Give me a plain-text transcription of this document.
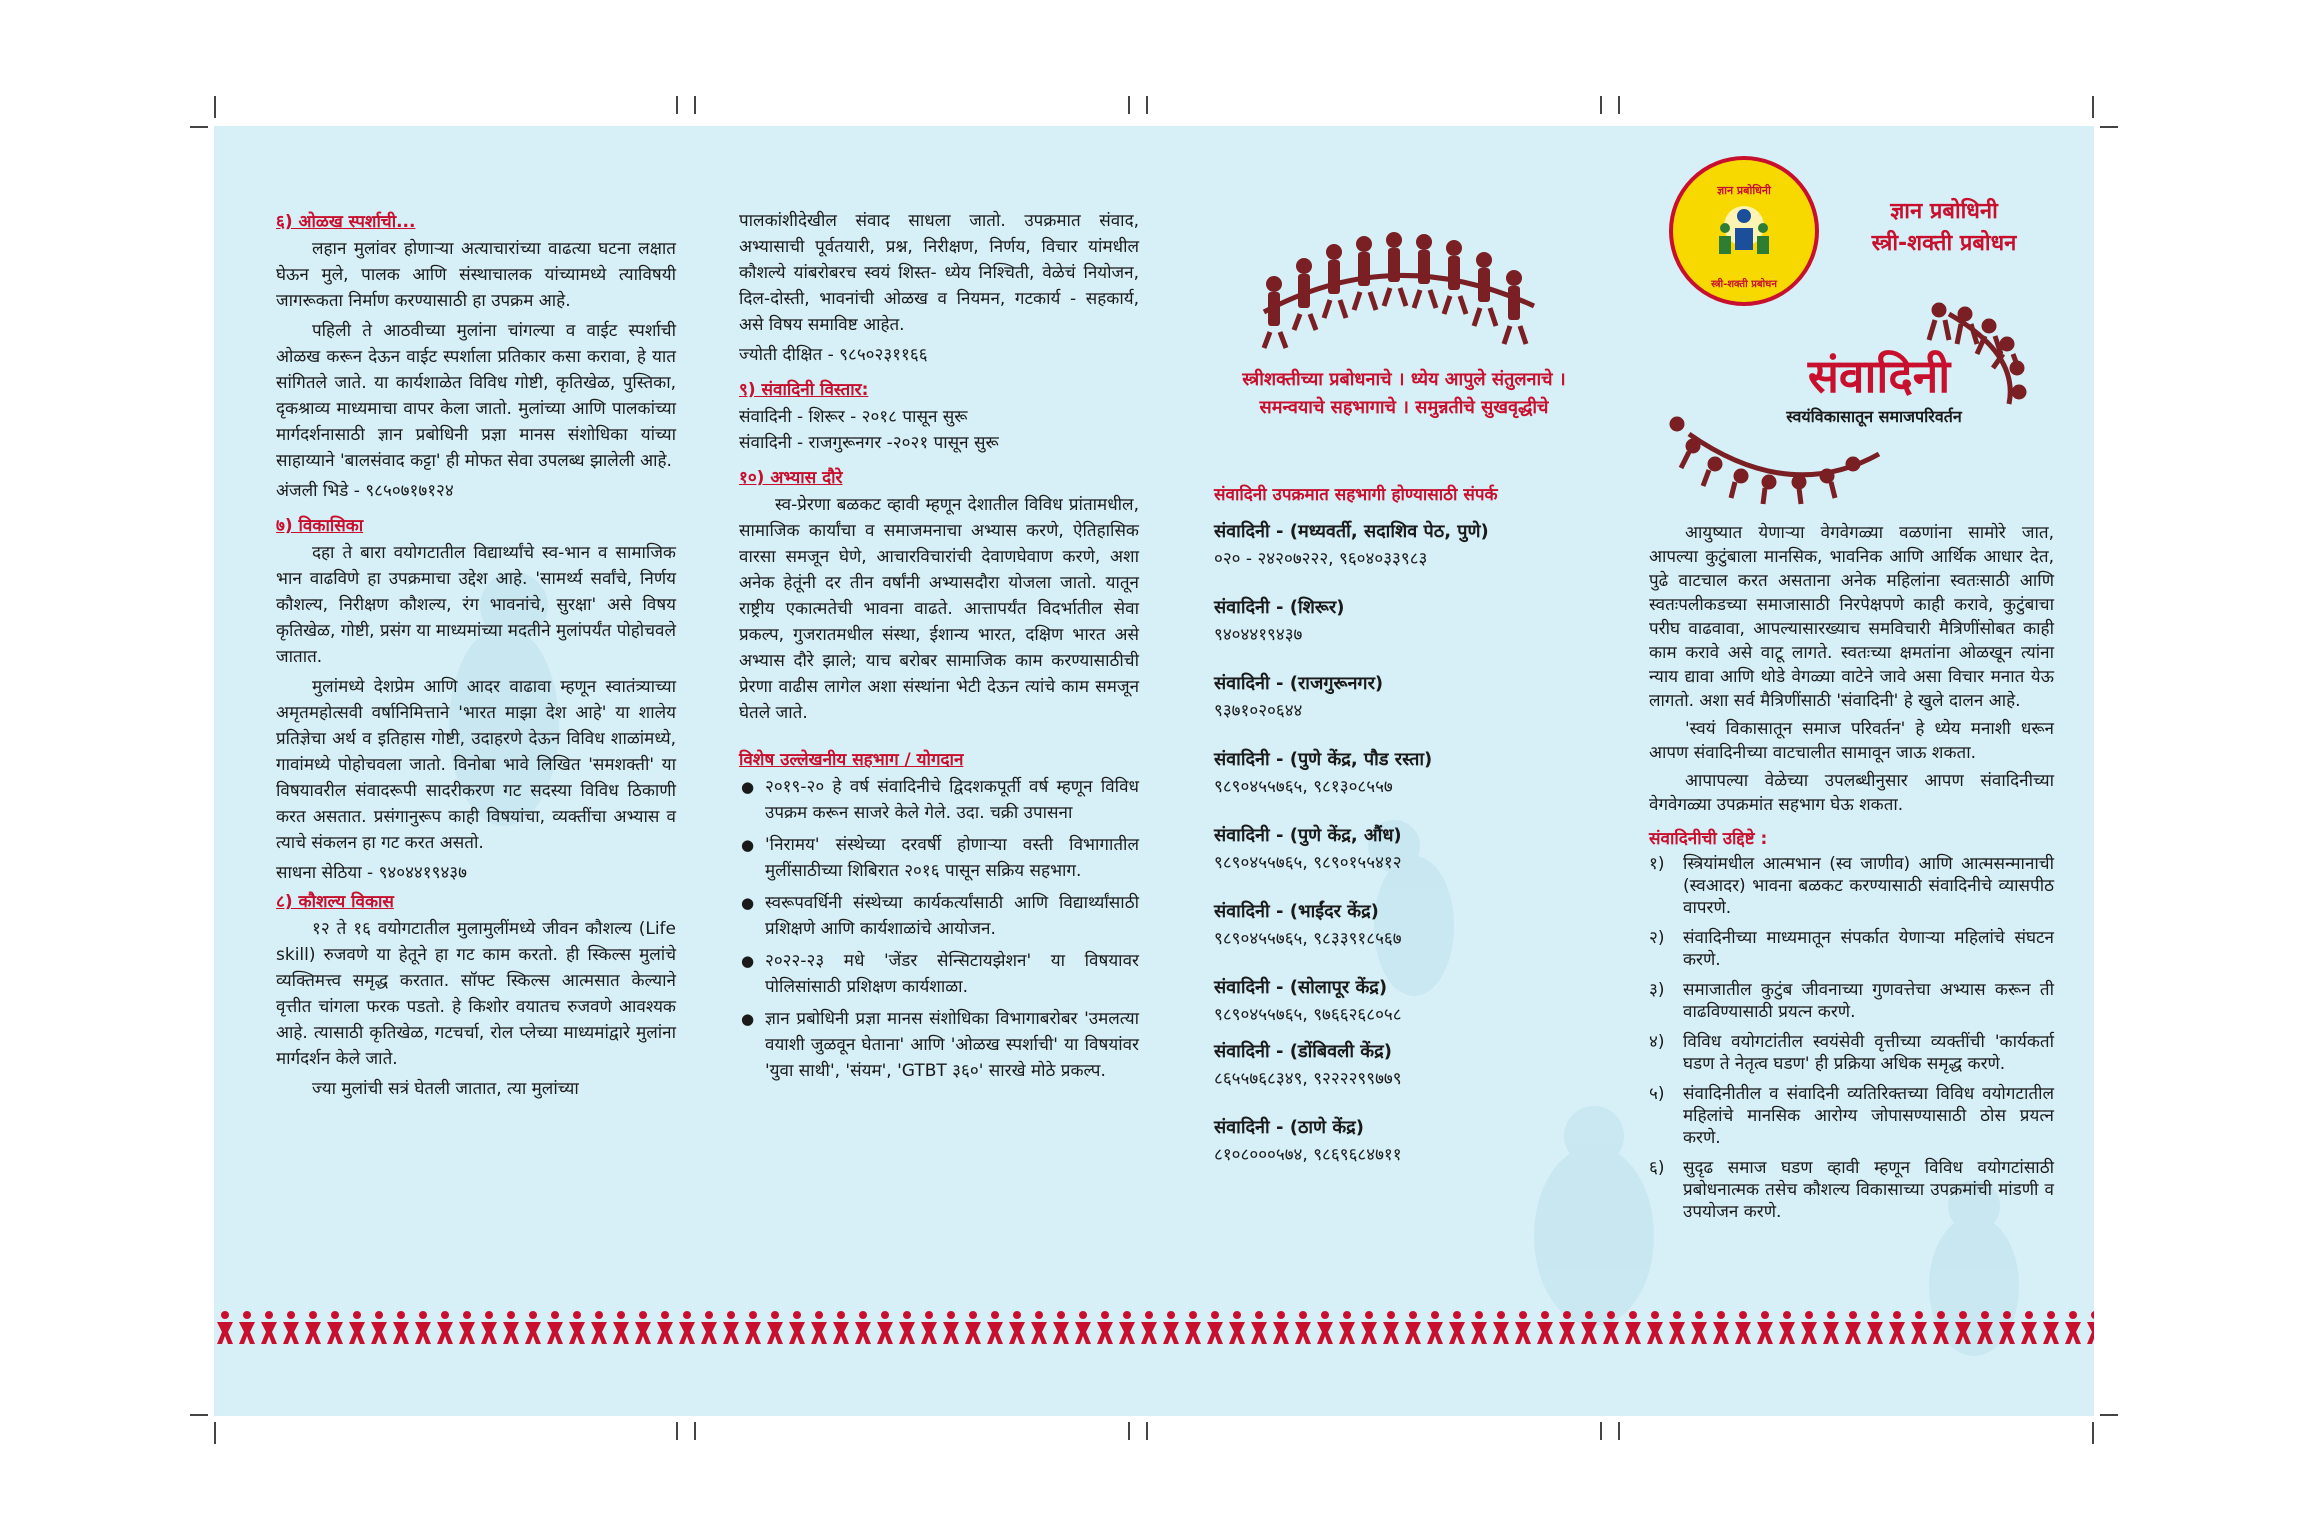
६) ओळख स्पर्शाची...

लहान मुलांवर होणाऱ्या अत्याचारांच्या वाढत्या घटना लक्षात घेऊन मुले, पालक आणि संस्थाचालक यांच्यामध्ये त्याविषयी जागरूकता निर्माण करण्यासाठी हा उपक्रम आहे.

पहिली ते आठवीच्या मुलांना चांगल्या व वाईट स्पर्शाची ओळख करून देऊन वाईट स्पर्शाला प्रतिकार कसा करावा, हे यात सांगितले जाते. या कार्यशाळेत विविध गोष्टी, कृतिखेळ, पुस्तिका, दृकश्राव्य माध्यमाचा वापर केला जातो. मुलांच्या आणि पालकांच्या मार्गदर्शनासाठी ज्ञान प्रबोधिनी प्रज्ञा मानस संशोधिका यांच्या साहाय्याने 'बालसंवाद कट्टा' ही मोफत सेवा उपलब्ध झालेली आहे.

अंजली भिडे - ९८५०७१७१२४

७) विकासिका

दहा ते बारा वयोगटातील विद्यार्थ्यांचे स्व-भान व सामाजिक भान वाढविणे हा उपक्रमाचा उद्देश आहे. 'सामर्थ्य सर्वांचे, निर्णय कौशल्य, निरीक्षण कौशल्य, रंग भावनांचे, सुरक्षा' असे विषय कृतिखेळ, गोष्टी, प्रसंग या माध्यमांच्या मदतीने मुलांपर्यंत पोहोचवले जातात.

मुलांमध्ये देशप्रेम आणि आदर वाढावा म्हणून स्वातंत्र्याच्या अमृतमहोत्सवी वर्षानिमित्ताने 'भारत माझा देश आहे' या शालेय प्रतिज्ञेचा अर्थ व इतिहास गोष्टी, उदाहरणे देऊन विविध शाळांमध्ये, गावांमध्ये पोहोचवला जातो. विनोबा भावे लिखित 'समशक्ती' या विषयावरील संवादरूपी सादरीकरण गट सदस्या विविध ठिकाणी करत असतात. प्रसंगानुरूप काही विषयांचा, व्यक्तींचा अभ्यास व त्याचे संकलन हा गट करत असतो.

साधना सेठिया - ९४०४४१९४३७

८) कौशल्य विकास

१२ ते १६ वयोगटातील मुलामुलींमध्ये जीवन कौशल्य (Life skill) रुजवणे या हेतूने हा गट काम करतो. ही स्किल्स मुलांचे व्यक्तिमत्त्व समृद्ध करतात. सॉफ्ट स्किल्स आत्मसात केल्याने वृत्तीत चांगला फरक पडतो. हे किशोर वयातच रुजवणे आवश्यक आहे. त्यासाठी कृतिखेळ, गटचर्चा, रोल प्लेच्या माध्यमांद्वारे मुलांना मार्गदर्शन केले जाते.

ज्या मुलांची सत्रं घेतली जातात, त्या मुलांच्या

पालकांशीदेखील संवाद साधला जातो. उपक्रमात संवाद, अभ्यासाची पूर्वतयारी, प्रश्न, निरीक्षण, निर्णय, विचार यांमधील कौशल्ये यांबरोबरच स्वयं शिस्त- ध्येय निश्चिती, वेळेचं नियोजन, दिल-दोस्ती, भावनांची ओळख व नियमन, गटकार्य - सहकार्य, असे विषय समाविष्ट आहेत.

ज्योती दीक्षित - ९८५०२३११६६

९) संवादिनी विस्तार:

संवादिनी - शिरूर - २०१८ पासून सुरू

संवादिनी - राजगुरूनगर -२०२१ पासून सुरू

१०) अभ्यास दौरे

स्व-प्रेरणा बळकट व्हावी म्हणून देशातील विविध प्रांतामधील, सामाजिक कार्यांचा व समाजमनाचा अभ्यास करणे, ऐतिहासिक वारसा समजून घेणे, आचारविचारांची देवाणघेवाण करणे, अशा अनेक हेतूंनी दर तीन वर्षांनी अभ्यासदौरा योजला जातो. यातून राष्ट्रीय एकात्मतेची भावना वाढते. आत्तापर्यंत विदर्भातील सेवा प्रकल्प, गुजरातमधील संस्था, ईशान्य भारत, दक्षिण भारत असे अभ्यास दौरे झाले; याच बरोबर सामाजिक काम करण्यासाठीची प्रेरणा वाढीस लागेल अशा संस्थांना भेटी देऊन त्यांचे काम समजून घेतले जाते.

विशेष उल्लेखनीय सहभाग / योगदान
● २०१९-२० हे वर्ष संवादिनीचे द्विदशकपूर्ती वर्ष म्हणून विविध उपक्रम करून साजरे केले गेले. उदा. चक्री उपासना
● 'निरामय' संस्थेच्या दरवर्षी होणाऱ्या वस्ती विभागातील मुलींसाठीच्या शिबिरात २०१६ पासून सक्रिय सहभाग.
● स्वरूपवर्धिनी संस्थेच्या कार्यकर्त्यांसाठी आणि विद्यार्थ्यांसाठी प्रशिक्षणे आणि कार्यशाळांचे आयोजन.
● २०२२-२३ मधे 'जेंडर सेन्सिटायझेशन' या विषयावर पोलिसांसाठी प्रशिक्षण कार्यशाळा.
● ज्ञान प्रबोधिनी प्रज्ञा मानस संशोधिका विभागाबरोबर 'उमलत्या वयाशी जुळवून घेताना' आणि 'ओळख स्पर्शाची' या विषयांवर 'युवा साथी', 'संयम', 'GTBT ३६०' सारखे मोठे प्रकल्प.
स्त्रीशक्तीच्या प्रबोधनाचे । ध्येय आपुले संतुलनाचे ।
समन्वयाचे सहभागाचे । समुन्नतीचे सुखवृद्धीचे
संवादिनी उपक्रमात सहभागी होण्यासाठी संपर्क
संवादिनी - (मध्यवर्ती, सदाशिव पेठ, पुणे)
०२० - २४२०७२२२, ९६०४०३३९८३
संवादिनी - (शिरूर)
९४०४४१९४३७
संवादिनी - (राजगुरूनगर)
९३७१०२०६४४
संवादिनी - (पुणे केंद्र, पौड रस्ता)
९८९०४५५७६५, ९८१३०८५५७
संवादिनी - (पुणे केंद्र, औंध)
९८९०४५५७६५, ९८९०१५५४१२
संवादिनी - (भाईंदर केंद्र)
९८९०४५५७६५, ९८३३९१८५६७
संवादिनी - (सोलापूर केंद्र)
९८९०४५५७६५, ९७६६२६८०५८
संवादिनी - (डोंबिवली केंद्र)
८६५५७६८३४९, ९२२२२९९७७९
संवादिनी - (ठाणे केंद्र)
८१०८०००५७४, ९८६९६८४७११
ज्ञान प्रबोधिनी
स्त्री-शक्ती प्रबोधन
ज्ञान प्रबोधिनी
स्त्री-शक्ती प्रबोधन
संवादिनी
स्वयंविकासातून समाजपरिवर्तन

आयुष्यात येणाऱ्या वेगवेगळ्या वळणांना सामोरे जात, आपल्या कुटुंबाला मानसिक, भावनिक आणि आर्थिक आधार देत, पुढे वाटचाल करत असताना अनेक महिलांना स्वतःसाठी आणि स्वतःपलीकडच्या समाजासाठी निरपेक्षपणे काही करावे, कुटुंबाचा परीघ वाढवावा, आपल्यासारख्याच समविचारी मैत्रिणींसोबत काही काम करावे असे वाटू लागते. स्वतःच्या क्षमतांना ओळखून त्यांना न्याय द्यावा आणि थोडे वेगळ्या वाटेने जावे असा विचार मनात येऊ लागतो. अशा सर्व मैत्रिणींसाठी 'संवादिनी' हे खुले दालन आहे.

'स्वयं विकासातून समाज परिवर्तन' हे ध्येय मनाशी धरून आपण संवादिनीच्या वाटचालीत सामावून जाऊ शकता.

आपापल्या वेळेच्या उपलब्धीनुसार आपण संवादिनीच्या वेगवेगळ्या उपक्रमांत सहभाग घेऊ शकता.

संवादिनीची उद्दिष्टे :
१) स्त्रियांमधील आत्मभान (स्व जाणीव) आणि आत्मसन्मानाची (स्वआदर) भावना बळकट करण्यासाठी संवादिनीचे व्यासपीठ वापरणे.
२) संवादिनीच्या माध्यमातून संपर्कात येणाऱ्या महिलांचे संघटन करणे.
३) समाजातील कुटुंब जीवनाच्या गुणवत्तेचा अभ्यास करून ती वाढविण्यासाठी प्रयत्न करणे.
४) विविध वयोगटांतील स्वयंसेवी वृत्तीच्या व्यक्तींची 'कार्यकर्ता घडण ते नेतृत्व घडण' ही प्रक्रिया अधिक समृद्ध करणे.
५) संवादिनीतील व संवादिनी व्यतिरिक्तच्या विविध वयोगटातील महिलांचे मानसिक आरोग्य जोपासण्यासाठी ठोस प्रयत्न करणे.
६) सुदृढ समाज घडण व्हावी म्हणून विविध वयोगटांसाठी प्रबोधनात्मक तसेच कौशल्य विकासाच्या उपक्रमांची मांडणी व उपयोजन करणे.
